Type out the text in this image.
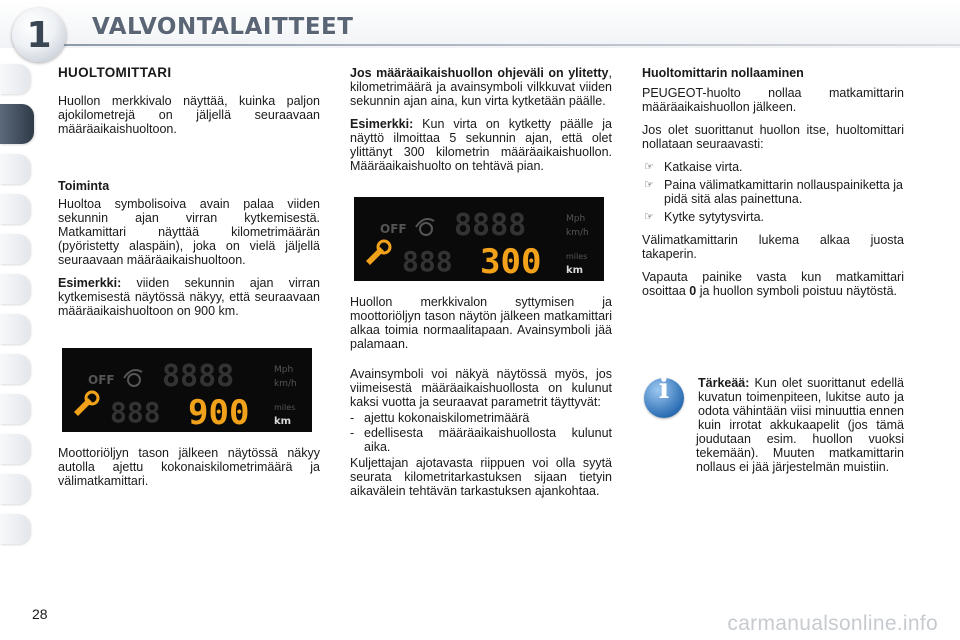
1	VALVONTALAITTEET
HUOLTOMITTARI

Huollon merkkivalo näyttää, kuinka paljon ajokilometrejä on jäljellä seuraavaan määräaikaishuoltoon.

Toiminta

Huoltoa symbolisoiva avain palaa viiden sekunnin ajan virran kytkemisestä. Matkamittari näyttää kilometrimäärän (pyöristetty alaspäin), joka on vielä jäljellä seuraavaan määräaikaishuoltoon.

Esimerkki: viiden sekunnin ajan virran kytkemisestä näytössä näkyy, että seuraavaan määräaikaishuoltoon on 900 km.

OFF 8888	Mph
km/h
888 900	miles
km

Moottoriöljyn tason jälkeen näytössä näkyy autolla ajettu kokonaiskilometrimäärä ja välimatkamittari.

Jos määräaikaishuollon ohjeväli on ylitetty, kilometrimäärä ja avainsymboli vilkkuvat viiden sekunnin ajan aina, kun virta kytketään päälle.

Esimerkki: Kun virta on kytketty päälle ja näyttö ilmoittaa 5 sekunnin ajan, että olet ylittänyt 300 kilometrin määräaikaishuollon. Määräaikaishuolto on tehtävä pian.

OFF 8888	Mph
km/h
888 300	miles
km

Huollon merkkivalon syttymisen ja moottoriöljyn tason näytön jälkeen matkamittari alkaa toimia normaalitapaan. Avainsymboli jää palamaan.

Avainsymboli voi näkyä näytössä myös, jos viimeisestä määräaikaishuollosta on kulunut kaksi vuotta ja seuraavat parametrit täyttyvät:

- ajettu kokonaiskilometrimäärä
- edellisesta määräaikaishuollosta kulunut aika.

Kuljettajan ajotavasta riippuen voi olla syytä seurata kilometritarkastuksen sijaan tietyin aikavälein tehtävän tarkastuksen ajankohtaa.

Huoltomittarin nollaaminen

PEUGEOT-huolto nollaa matkamittarin määräaikaishuollon jälkeen.

Jos olet suorittanut huollon itse, huoltomittari nollataan seuraavasti:

☞ Katkaise virta.
☞ Paina välimatkamittarin nollauspainiketta ja pidä sitä alas painettuna.
☞ Kytke sytytysvirta.

Välimatkamittarin lukema alkaa juosta takaperin.

Vapauta painike vasta kun matkamittari osoittaa 0 ja huollon symboli poistuu näytöstä.

i	Tärkeää: Kun olet suorittanut edellä kuvatun toimenpiteen, lukitse auto ja odota vähintään viisi minuuttia ennen kuin irrotat akkukaapelit (jos tämä joudutaan esim. huollon vuoksi tekemään). Muuten matkamittarin nollaus ei jää järjestelmän muistiin.

28	carmanualsonline.info
